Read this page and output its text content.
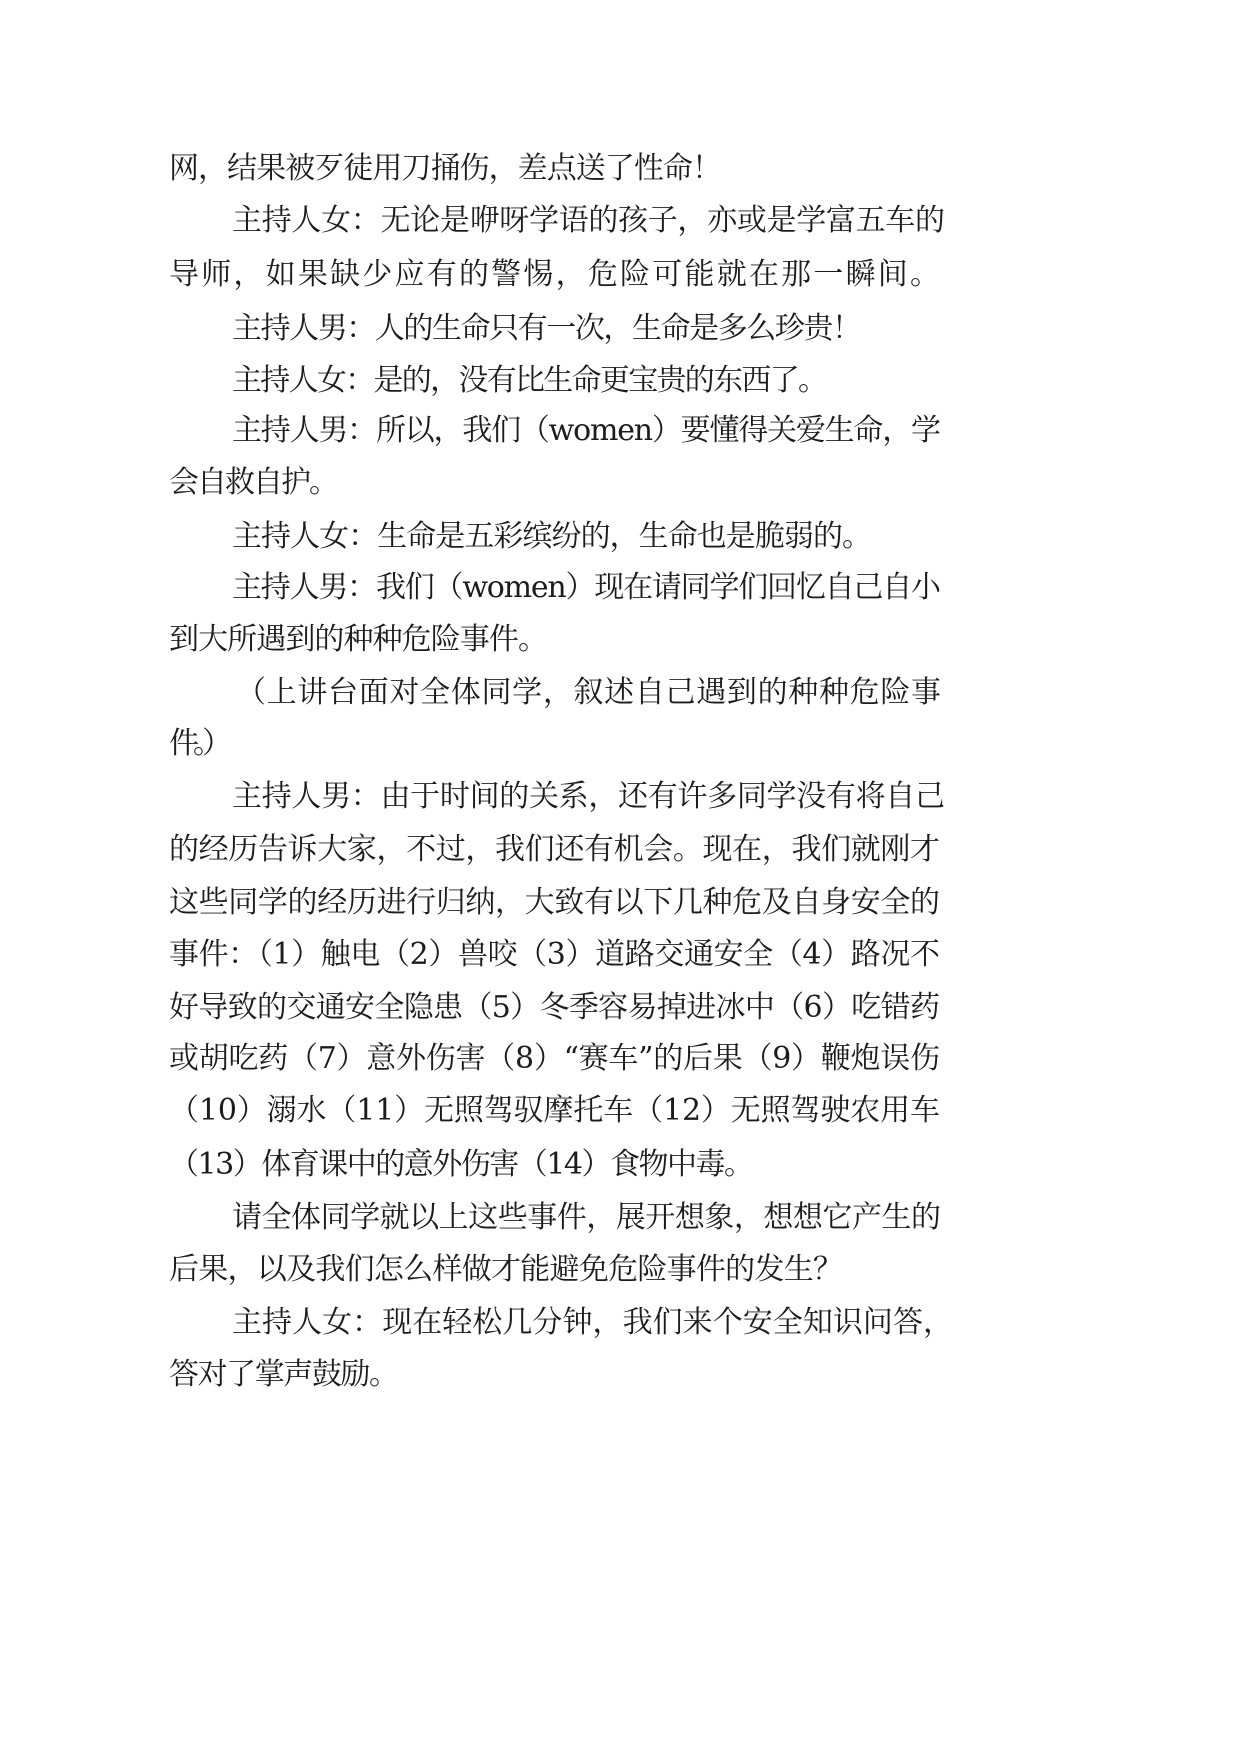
网，结果被歹徒用刀捅伤，差点送了性命！

主持人女：无论是咿呀学语的孩子，亦或是学富五车的

导师，如果缺少应有的警惕，危险可能就在那一瞬间。

主持人男：人的生命只有一次，生命是多么珍贵！

主持人女：是的，没有比生命更宝贵的东西了。

主持人男：所以，我们（women）要懂得关爱生命，学

会自救自护。

主持人女：生命是五彩缤纷的，生命也是脆弱的。

主持人男：我们（women）现在请同学们回忆自己自小

到大所遇到的种种危险事件。

（上讲台面对全体同学，叙述自己遇到的种种危险事

件。）

主持人男：由于时间的关系，还有许多同学没有将自己

的经历告诉大家，不过，我们还有机会。现在，我们就刚才

这些同学的经历进行归纳，大致有以下几种危及自身安全的

事件：（1）触电（2）兽咬（3）道路交通安全（4）路况不

好导致的交通安全隐患（5）冬季容易掉进冰中（6）吃错药

或胡吃药（7）意外伤害（8）“赛车”的后果（9）鞭炮误伤

（10）溺水（11）无照驾驭摩托车（12）无照驾驶农用车

（13）体育课中的意外伤害（14）食物中毒。

请全体同学就以上这些事件，展开想象，想想它产生的

后果，以及我们怎么样做才能避免危险事件的发生？

主持人女：现在轻松几分钟，我们来个安全知识问答，

答对了掌声鼓励。
